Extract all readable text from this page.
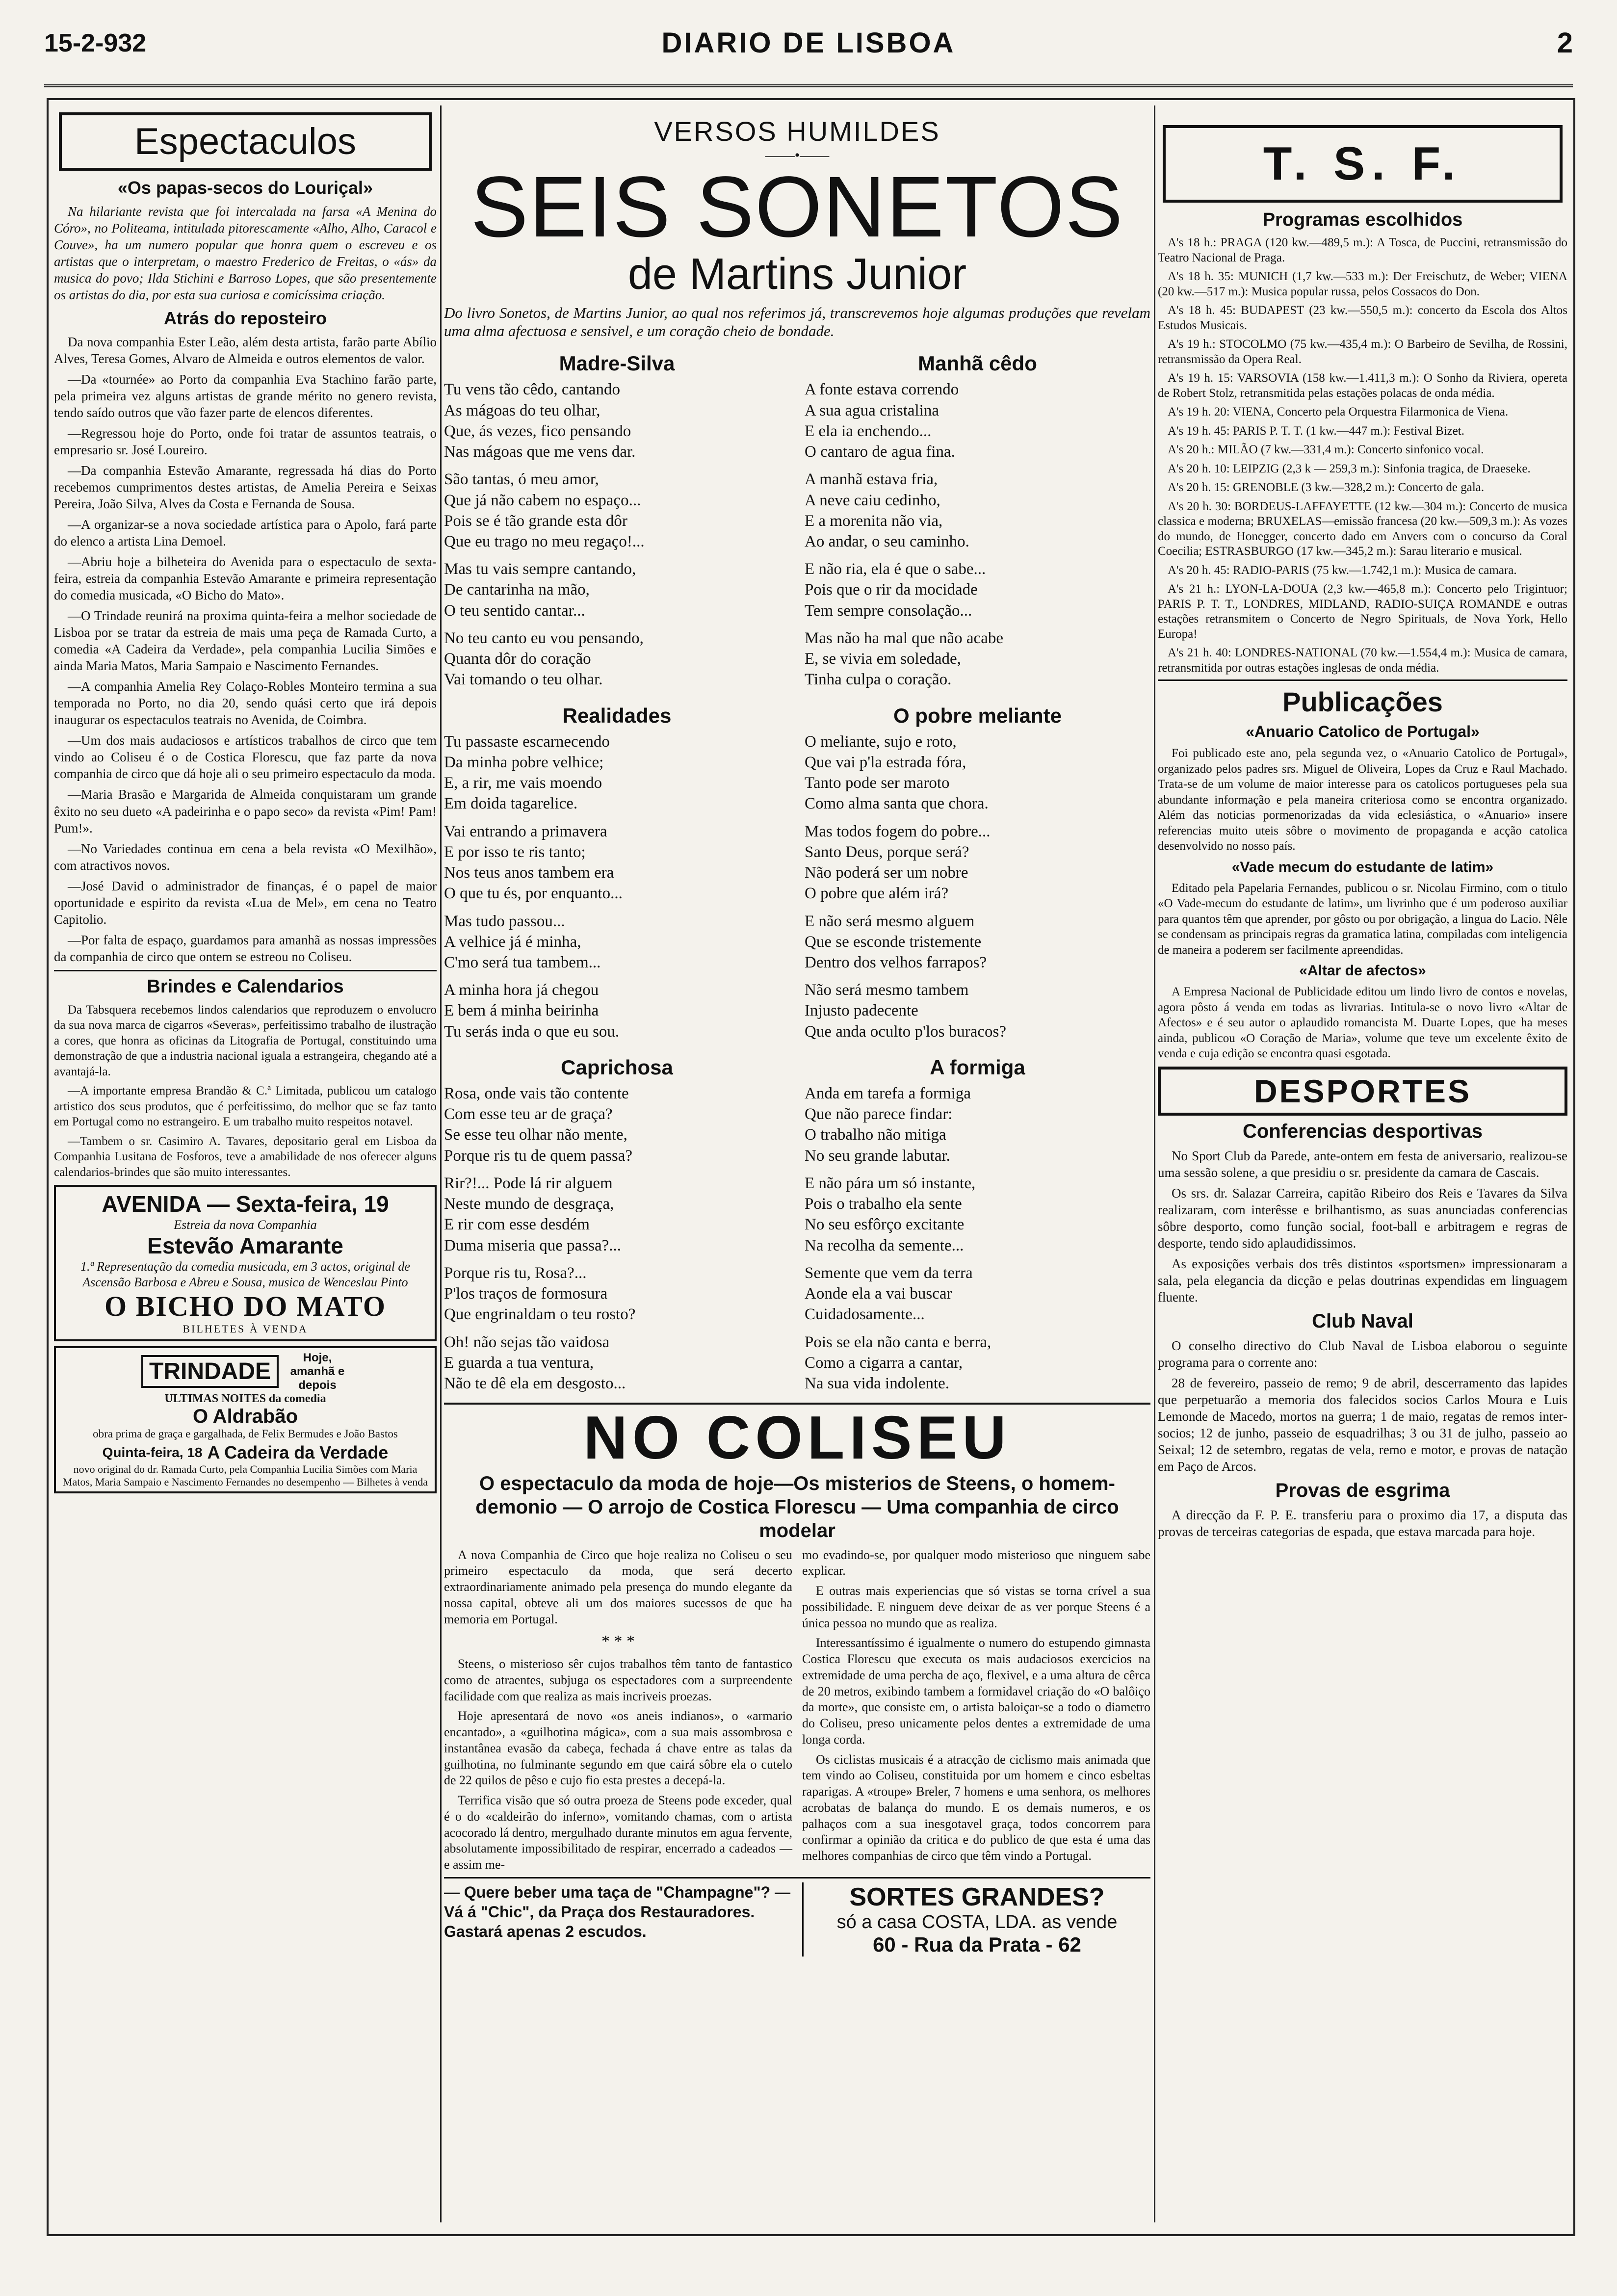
15-2-932	DIARIO DE LISBOA	2
Espectaculos
«Os papas-secos do Louriçal»

Na hilariante revista que foi intercalada na farsa «A Menina do Córo», no Politeama, intitulada pitorescamente «Alho, Alho, Caracol e Couve», ha um numero popular que honra quem o escreveu e os artistas que o interpretam, o maestro Frederico de Freitas, o «ás» da musica do povo; Ilda Stichini e Barroso Lopes, que são presentemente os artistas do dia, por esta sua curiosa e comicíssima criação.

Atrás do reposteiro

Da nova companhia Ester Leão, além desta artista, farão parte Abílio Alves, Teresa Gomes, Alvaro de Almeida e outros elementos de valor.

—Da «tournée» ao Porto da companhia Eva Stachino farão parte, pela primeira vez alguns artistas de grande mérito no genero revista, tendo saído outros que vão fazer parte de elencos diferentes.

—Regressou hoje do Porto, onde foi tratar de assuntos teatrais, o empresario sr. José Loureiro.

—Da companhia Estevão Amarante, regressada há dias do Porto recebemos cumprimentos destes artistas, de Amelia Pereira e Seixas Pereira, João Silva, Alves da Costa e Fernanda de Sousa.

—A organizar-se a nova sociedade artística para o Apolo, fará parte do elenco a artista Lina Demoel.

—Abriu hoje a bilheteira do Avenida para o espectaculo de sexta-feira, estreia da companhia Estevão Amarante e primeira representação do comedia musicada, «O Bicho do Mato».

—O Trindade reunirá na proxima quinta-feira a melhor sociedade de Lisboa por se tratar da estreia de mais uma peça de Ramada Curto, a comedia «A Cadeira da Verdade», pela companhia Lucilia Simões e ainda Maria Matos, Maria Sampaio e Nascimento Fernandes.

—A companhia Amelia Rey Colaço-Robles Monteiro termina a sua temporada no Porto, no dia 20, sendo quási certo que irá depois inaugurar os espectaculos teatrais no Avenida, de Coimbra.

—Um dos mais audaciosos e artísticos trabalhos de circo que tem vindo ao Coliseu é o de Costica Florescu, que faz parte da nova companhia de circo que dá hoje ali o seu primeiro espectaculo da moda.

—Maria Brasão e Margarida de Almeida conquistaram um grande êxito no seu dueto «A padeirinha e o papo seco» da revista «Pim! Pam! Pum!».

—No Variedades continua em cena a bela revista «O Mexilhão», com atractivos novos.

—José David o administrador de finanças, é o papel de maior oportunidade e espirito da revista «Lua de Mel», em cena no Teatro Capitolio.

—Por falta de espaço, guardamos para amanhã as nossas impressões da companhia de circo que ontem se estreou no Coliseu.

Brindes e Calendarios

Da Tabsquera recebemos lindos calendarios que reproduzem o envolucro da sua nova marca de cigarros «Severas», perfeitissimo trabalho de ilustração a cores, que honra as oficinas da Litografia de Portugal, constituindo uma demonstração de que a industria nacional iguala a estrangeira, chegando até a avantajá-la.

—A importante empresa Brandão & C.ª Limitada, publicou um catalogo artistico dos seus produtos, que é perfeitissimo, do melhor que se faz tanto em Portugal como no estrangeiro. E um trabalho muito respeitos notavel.

—Tambem o sr. Casimiro A. Tavares, depositario geral em Lisboa da Companhia Lusitana de Fosforos, teve a amabilidade de nos oferecer alguns calendarios-brindes que são muito interessantes.

AVENIDA — Sexta-feira, 19
Estreia da nova Companhia
Estevão Amarante
1.ª Representação da comedia musicada, em 3 actos, original de Ascensão Barbosa e Abreu e Sousa, musica de Wenceslau Pinto
O BICHO DO MATO
BILHETES À VENDA
TRINDADE
Hoje, amanhã e depois
ULTIMAS NOITES da comedia
O Aldrabão
obra prima de graça e gargalhada, de Felix Bermudes e João Bastos
Quinta-feira, 18 A Cadeira da Verdade
novo original do dr. Ramada Curto, pela Companhia Lucilia Simões com Maria Matos, Maria Sampaio e Nascimento Fernandes no desempenho — Bilhetes à venda
VERSOS HUMILDES
——•——
SEIS SONETOS
de Martins Junior

Do livro Sonetos, de Martins Junior, ao qual nos referimos já, transcrevemos hoje algumas produções que revelam uma alma afectuosa e sensivel, e um coração cheio de bondade.

Madre-Silva

Tu vens tão cêdo, cantando
As mágoas do teu olhar,
Que, ás vezes, fico pensando
Nas mágoas que me vens dar.

São tantas, ó meu amor,
Que já não cabem no espaço...
Pois se é tão grande esta dôr
Que eu trago no meu regaço!...

Mas tu vais sempre cantando,
De cantarinha na mão,
O teu sentido cantar...

No teu canto eu vou pensando,
Quanta dôr do coração
Vai tomando o teu olhar.

Manhã cêdo

A fonte estava correndo
A sua agua cristalina
E ela ia enchendo...
O cantaro de agua fina.

A manhã estava fria,
A neve caiu cedinho,
E a morenita não via,
Ao andar, o seu caminho.

E não ria, ela é que o sabe...
Pois que o rir da mocidade
Tem sempre consolação...

Mas não ha mal que não acabe
E, se vivia em soledade,
Tinha culpa o coração.

Realidades

Tu passaste escarnecendo
Da minha pobre velhice;
E, a rir, me vais moendo
Em doida tagarelice.

Vai entrando a primavera
E por isso te ris tanto;
Nos teus anos tambem era
O que tu és, por enquanto...

Mas tudo passou...
A velhice já é minha,
C'mo será tua tambem...

A minha hora já chegou
E bem á minha beirinha
Tu serás inda o que eu sou.

O pobre meliante

O meliante, sujo e roto,
Que vai p'la estrada fóra,
Tanto pode ser maroto
Como alma santa que chora.

Mas todos fogem do pobre...
Santo Deus, porque será?
Não poderá ser um nobre
O pobre que além irá?

E não será mesmo alguem
Que se esconde tristemente
Dentro dos velhos farrapos?

Não será mesmo tambem
Injusto padecente
Que anda oculto p'los buracos?

Caprichosa

Rosa, onde vais tão contente
Com esse teu ar de graça?
Se esse teu olhar não mente,
Porque ris tu de quem passa?

Rir?!... Pode lá rir alguem
Neste mundo de desgraça,
E rir com esse desdém
Duma miseria que passa?...

Porque ris tu, Rosa?...
P'los traços de formosura
Que engrinaldam o teu rosto?

Oh! não sejas tão vaidosa
E guarda a tua ventura,
Não te dê ela em desgosto...

A formiga

Anda em tarefa a formiga
Que não parece findar:
O trabalho não mitiga
No seu grande labutar.

E não pára um só instante,
Pois o trabalho ela sente
No seu esfôrço excitante
Na recolha da semente...

Semente que vem da terra
Aonde ela a vai buscar
Cuidadosamente...

Pois se ela não canta e berra,
Como a cigarra a cantar,
Na sua vida indolente.

NO COLISEU
O espectaculo da moda de hoje—Os misterios de Steens, o homem-demonio — O arrojo de Costica Florescu — Uma companhia de circo modelar

A nova Companhia de Circo que hoje realiza no Coliseu o seu primeiro espectaculo da moda, que será decerto extraordinariamente animado pela presença do mundo elegante da nossa capital, obteve ali um dos maiores sucessos de que ha memoria em Portugal.

* * *

Steens, o misterioso sêr cujos trabalhos têm tanto de fantastico como de atraentes, subjuga os espectadores com a surpreendente facilidade com que realiza as mais incriveis proezas.

Hoje apresentará de novo «os aneis indianos», o «armario encantado», a «guilhotina mágica», com a sua mais assombrosa e instantânea evasão da cabeça, fechada á chave entre as talas da guilhotina, no fulminante segundo em que cairá sôbre ela o cutelo de 22 quilos de pêso e cujo fio esta prestes a decepá-la.

Terrifica visão que só outra proeza de Steens pode exceder, qual é o do «caldeirão do inferno», vomitando chamas, com o artista acocorado lá dentro, mergulhado durante minutos em agua fervente, absolutamente impossibilitado de respirar, encerrado a cadeados — e assim me-

mo evadindo-se, por qualquer modo misterioso que ninguem sabe explicar.

E outras mais experiencias que só vistas se torna crível a sua possibilidade. E ninguem deve deixar de as ver porque Steens é a única pessoa no mundo que as realiza.

Interessantíssimo é igualmente o numero do estupendo gimnasta Costica Florescu que executa os mais audaciosos exercicios na extremidade de uma percha de aço, flexivel, e a uma altura de cêrca de 20 metros, exibindo tambem a formidavel criação do «O balôiço da morte», que consiste em, o artista baloiçar-se a todo o diametro do Coliseu, preso unicamente pelos dentes a extremidade de uma longa corda.

Os ciclistas musicais é a atracção de ciclismo mais animada que tem vindo ao Coliseu, constituida por um homem e cinco esbeltas raparigas. A «troupe» Breler, 7 homens e uma senhora, os melhores acrobatas de balança do mundo. E os demais numeros, e os palhaços com a sua inesgotavel graça, todos concorrem para confirmar a opinião da critica e do publico de que esta é uma das melhores companhias de circo que têm vindo a Portugal.

— Quere beber uma taça de "Champagne"? — Vá á "Chic", da Praça dos Restauradores. Gastará apenas 2 escudos.
SORTES GRANDES?
só a casa COSTA, LDA. as vende
60 - Rua da Prata - 62
T. S. F.
Programas escolhidos

A's 18 h.: PRAGA (120 kw.—489,5 m.): A Tosca, de Puccini, retransmissão do Teatro Nacional de Praga.

A's 18 h. 35: MUNICH (1,7 kw.—533 m.): Der Freischutz, de Weber; VIENA (20 kw.—517 m.): Musica popular russa, pelos Cossacos do Don.

A's 18 h. 45: BUDAPEST (23 kw.—550,5 m.): concerto da Escola dos Altos Estudos Musicais.

A's 19 h.: STOCOLMO (75 kw.—435,4 m.): O Barbeiro de Sevilha, de Rossini, retransmissão da Opera Real.

A's 19 h. 15: VARSOVIA (158 kw.—1.411,3 m.): O Sonho da Riviera, opereta de Robert Stolz, retransmitida pelas estações polacas de onda média.

A's 19 h. 20: VIENA, Concerto pela Orquestra Filarmonica de Viena.

A's 19 h. 45: PARIS P. T. T. (1 kw.—447 m.): Festival Bizet.

A's 20 h.: MILÃO (7 kw.—331,4 m.): Concerto sinfonico vocal.

A's 20 h. 10: LEIPZIG (2,3 k — 259,3 m.): Sinfonia tragica, de Draeseke.

A's 20 h. 15: GRENOBLE (3 kw.—328,2 m.): Concerto de gala.

A's 20 h. 30: BORDEUS-LAFFAYETTE (12 kw.—304 m.): Concerto de musica classica e moderna; BRUXELAS—emissão francesa (20 kw.—509,3 m.): As vozes do mundo, de Honegger, concerto dado em Anvers com o concurso da Coral Coecilia; ESTRASBURGO (17 kw.—345,2 m.): Sarau literario e musical.

A's 20 h. 45: RADIO-PARIS (75 kw.—1.742,1 m.): Musica de camara.

A's 21 h.: LYON-LA-DOUA (2,3 kw.—465,8 m.): Concerto pelo Trigintuor; PARIS P. T. T., LONDRES, MIDLAND, RADIO-SUIÇA ROMANDE e outras estações retransmitem o Concerto de Negro Spirituals, de Nova York, Hello Europa!

A's 21 h. 40: LONDRES-NATIONAL (70 kw.—1.554,4 m.): Musica de camara, retransmitida por outras estações inglesas de onda média.

Publicações
«Anuario Catolico de Portugal»

Foi publicado este ano, pela segunda vez, o «Anuario Catolico de Portugal», organizado pelos padres srs. Miguel de Oliveira, Lopes da Cruz e Raul Machado. Trata-se de um volume de maior interesse para os catolicos portugueses pela sua abundante informação e pela maneira criteriosa como se encontra organizado. Além das noticias pormenorizadas da vida eclesiástica, o «Anuario» insere referencias muito uteis sôbre o movimento de propaganda e acção catolica desenvolvido no nosso país.

«Vade mecum do estudante de latim»

Editado pela Papelaria Fernandes, publicou o sr. Nicolau Firmino, com o titulo «O Vade-mecum do estudante de latim», um livrinho que é um poderoso auxiliar para quantos têm que aprender, por gôsto ou por obrigação, a lingua do Lacio. Nêle se condensam as principais regras da gramatica latina, compiladas com inteligencia de maneira a poderem ser facilmente apreendidas.

«Altar de afectos»

A Empresa Nacional de Publicidade editou um lindo livro de contos e novelas, agora pôsto á venda em todas as livrarias. Intitula-se o novo livro «Altar de Afectos» e é seu autor o aplaudido romancista M. Duarte Lopes, que ha meses ainda, publicou «O Coração de Maria», volume que teve um excelente êxito de venda e cuja edição se encontra quasi esgotada.

DESPORTES
Conferencias desportivas

No Sport Club da Parede, ante-ontem em festa de aniversario, realizou-se uma sessão solene, a que presidiu o sr. presidente da camara de Cascais.

Os srs. dr. Salazar Carreira, capitão Ribeiro dos Reis e Tavares da Silva realizaram, com interêsse e brilhantismo, as suas anunciadas conferencias sôbre desporto, como função social, foot-ball e arbitragem e regras de desporte, tendo sido aplaudidissimos.

As exposições verbais dos três distintos «sportsmen» impressionaram a sala, pela elegancia da dicção e pelas doutrinas expendidas em linguagem fluente.

Club Naval

O conselho directivo do Club Naval de Lisboa elaborou o seguinte programa para o corrente ano:

28 de fevereiro, passeio de remo; 9 de abril, descerramento das lapides que perpetuarão a memoria dos falecidos socios Carlos Moura e Luis Lemonde de Macedo, mortos na guerra; 1 de maio, regatas de remos inter-socios; 12 de junho, passeio de esquadrilhas; 3 ou 31 de julho, passeio ao Seixal; 12 de setembro, regatas de vela, remo e motor, e provas de natação em Paço de Arcos.

Provas de esgrima

A direcção da F. P. E. transferiu para o proximo dia 17, a disputa das provas de terceiras categorias de espada, que estava marcada para hoje.
